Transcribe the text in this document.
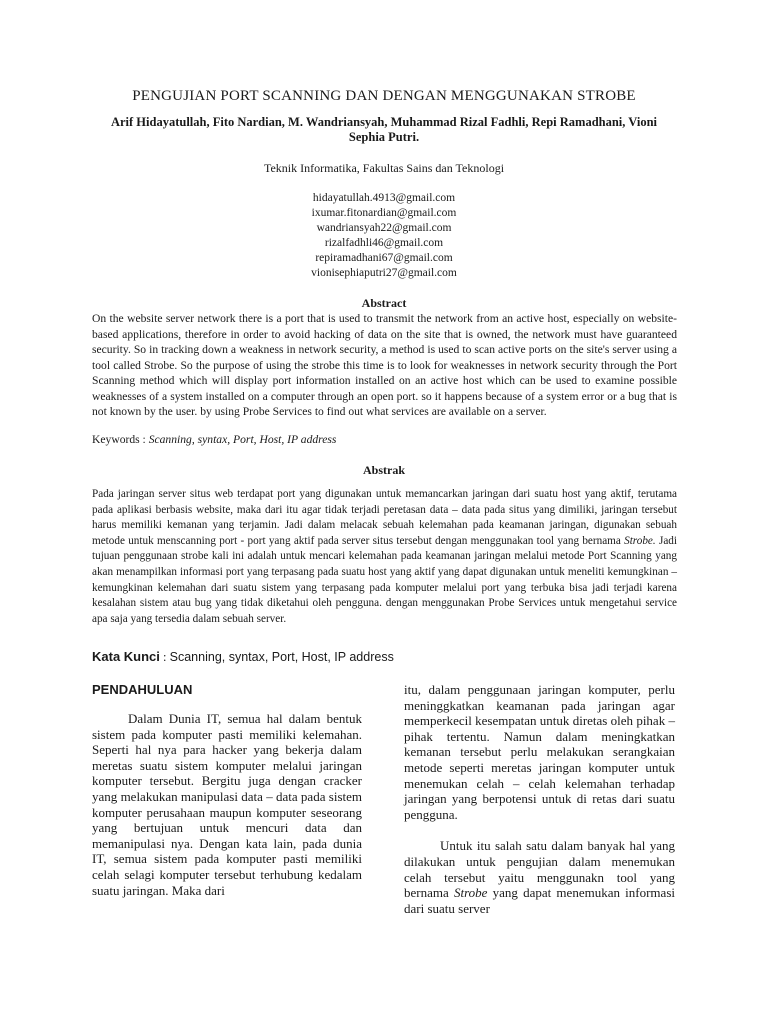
PENGUJIAN PORT SCANNING DAN DENGAN MENGGUNAKAN STROBE
Arif Hidayatullah, Fito Nardian, M. Wandriansyah, Muhammad Rizal Fadhli, Repi Ramadhani, Vioni Sephia Putri.
Teknik Informatika, Fakultas Sains dan Teknologi
hidayatullah.4913@gmail.com
ixumar.fitonardian@gmail.com
wandriansyah22@gmail.com
rizalfadhli46@gmail.com
repiramadhani67@gmail.com
vionisephiaputri27@gmail.com
Abstract

On the website server network there is a port that is used to transmit the network from an active host, especially on website-based applications, therefore in order to avoid hacking of data on the site that is owned, the network must have guaranteed security. So in tracking down a weakness in network security, a method is used to scan active ports on the site's server using a tool called Strobe. So the purpose of using the strobe this time is to look for weaknesses in network security through the Port Scanning method which will display port information installed on an active host which can be used to examine possible weaknesses of a system installed on a computer through an open port. so it happens because of a system error or a bug that is not known by the user. by using Probe Services to find out what services are available on a server.

Keywords : Scanning, syntax, Port, Host, IP address
Abstrak

Pada jaringan server situs web terdapat port yang digunakan untuk memancarkan jaringan dari suatu host yang aktif, terutama pada aplikasi berbasis website, maka dari itu agar tidak terjadi peretasan data – data pada situs yang dimiliki, jaringan tersebut harus memiliki kemanan yang terjamin. Jadi dalam melacak sebuah kelemahan pada keamanan jaringan, digunakan sebuah metode untuk menscanning port - port yang aktif pada server situs tersebut dengan menggunakan tool yang bernama Strobe. Jadi tujuan penggunaan strobe kali ini adalah untuk mencari kelemahan pada keamanan jaringan melalui metode Port Scanning yang akan menampilkan informasi port yang terpasang pada suatu host yang aktif yang dapat digunakan untuk meneliti kemungkinan – kemungkinan kelemahan dari suatu sistem yang terpasang pada komputer melalui port yang terbuka bisa jadi terjadi karena kesalahan sistem atau bug yang tidak diketahui oleh pengguna. dengan menggunakan Probe Services untuk mengetahui service apa saja yang tersedia dalam sebuah server.

Kata Kunci : Scanning, syntax, Port, Host, IP address
PENDAHULUAN

Dalam Dunia IT, semua hal dalam bentuk sistem pada komputer pasti memiliki kelemahan. Seperti hal nya para hacker yang bekerja dalam meretas suatu sistem komputer melalui jaringan komputer tersebut. Bergitu juga dengan cracker yang melakukan manipulasi data – data pada sistem komputer perusahaan maupun komputer seseorang yang bertujuan untuk mencuri data dan memanipulasi nya. Dengan kata lain, pada dunia IT, semua sistem pada komputer pasti memiliki celah selagi komputer tersebut terhubung kedalam suatu jaringan. Maka dari

itu, dalam penggunaan jaringan komputer, perlu meninggkatkan keamanan pada jaringan agar memperkecil kesempatan untuk diretas oleh pihak – pihak tertentu. Namun dalam meningkatkan kemanan tersebut perlu melakukan serangkaian metode seperti meretas jaringan komputer untuk menemukan celah – celah kelemahan terhadap jaringan yang berpotensi untuk di retas dari suatu pengguna.

Untuk itu salah satu dalam banyak hal yang dilakukan untuk pengujian dalam menemukan celah tersebut yaitu menggunakn tool yang bernama Strobe yang dapat menemukan informasi dari suatu server
